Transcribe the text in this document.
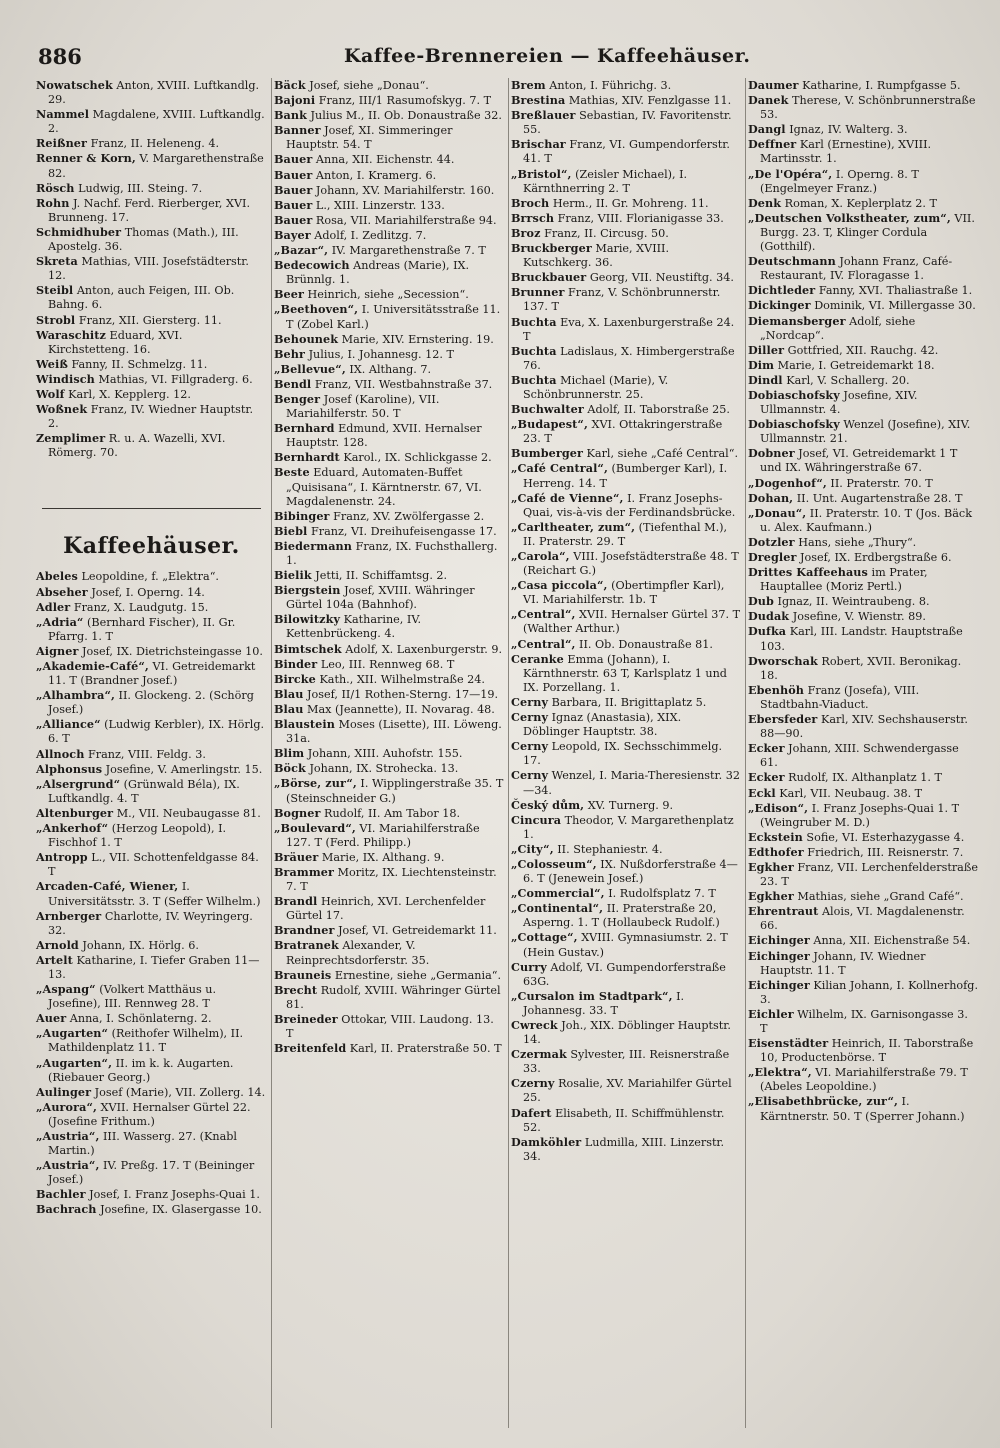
886	Kaffee-Brennereien — Kaffeehäuser.

Nowatschek Anton, XVIII. Luftkandlg. 29.

Nammel Magdalene, XVIII. Luftkandlg. 2.

Reißner Franz, II. Heleneng. 4.

Renner & Korn, V. Margarethenstraße 82.

Rösch Ludwig, III. Steing. 7.

Rohn J. Nachf. Ferd. Rierberger, XVI. Brunneng. 17.

Schmidhuber Thomas (Math.), III. Apostelg. 36.

Skreta Mathias, VIII. Josefstädterstr. 12.

Steibl Anton, auch Feigen, III. Ob. Bahng. 6.

Strobl Franz, XII. Giersterg. 11.

Waraschitz Eduard, XVI. Kirchstetteng. 16.

Weiß Fanny, II. Schmelzg. 11.

Windisch Mathias, VI. Fillgraderg. 6.

Wolf Karl, X. Kepplerg. 12.

Woßnek Franz, IV. Wiedner Hauptstr. 2.

Zemplimer R. u. A. Wazelli, XVI. Römerg. 70.

Kaffeehäuser.

Abeles Leopoldine, f. „Elektra“.

Abseher Josef, I. Operng. 14.

Adler Franz, X. Laudgutg. 15.

„Adria“ (Bernhard Fischer), II. Gr. Pfarrg. 1. T

Aigner Josef, IX. Dietrichsteingasse 10.

„Akademie-Café“, VI. Getreidemarkt 11. T (Brandner Josef.)

„Alhambra“, II. Glockeng. 2. (Schörg Josef.)

„Alliance“ (Ludwig Kerbler), IX. Hörlg. 6. T

Allnoch Franz, VIII. Feldg. 3.

Alphonsus Josefine, V. Amerlingstr. 15.

„Alsergrund“ (Grünwald Béla), IX. Luftkandlg. 4. T

Altenburger M., VII. Neubaugasse 81.

„Ankerhof“ (Herzog Leopold), I. Fischhof 1. T

Antropp L., VII. Schottenfeldgasse 84. T

Arcaden-Café, Wiener, I. Universitätsstr. 3. T (Seffer Wilhelm.)

Arnberger Charlotte, IV. Weyringerg. 32.

Arnold Johann, IX. Hörlg. 6.

Artelt Katharine, I. Tiefer Graben 11—13.

„Aspang“ (Volkert Matthäus u. Josefine), III. Rennweg 28. T

Auer Anna, I. Schönlaterng. 2.

„Augarten“ (Reithofer Wilhelm), II. Mathildenplatz 11. T

„Augarten“, II. im k. k. Augarten. (Riebauer Georg.)

Aulinger Josef (Marie), VII. Zollerg. 14.

„Aurora“, XVII. Hernalser Gürtel 22. (Josefine Frithum.)

„Austria“, III. Wasserg. 27. (Knabl Martin.)

„Austria“, IV. Preßg. 17. T (Beininger Josef.)

Bachler Josef, I. Franz Josephs-Quai 1.

Bachrach Josefine, IX. Glasergasse 10.

Bäck Josef, siehe „Donau“.

Bajoni Franz, III/1 Rasumofskyg. 7. T

Bank Julius M., II. Ob. Donaustraße 32.

Banner Josef, XI. Simmeringer Hauptstr. 54. T

Bauer Anna, XII. Eichenstr. 44.

Bauer Anton, I. Kramerg. 6.

Bauer Johann, XV. Mariahilferstr. 160.

Bauer L., XIII. Linzerstr. 133.

Bauer Rosa, VII. Mariahilferstraße 94.

Bayer Adolf, I. Zedlitzg. 7.

„Bazar“, IV. Margarethenstraße 7. T

Bedecowich Andreas (Marie), IX. Brünnlg. 1.

Beer Heinrich, siehe „Secession“.

„Beethoven“, I. Universitätsstraße 11. T (Zobel Karl.)

Behounek Marie, XIV. Ernstering. 19.

Behr Julius, I. Johannesg. 12. T

„Bellevue“, IX. Althang. 7.

Bendl Franz, VII. Westbahnstraße 37.

Benger Josef (Karoline), VII. Mariahilferstr. 50. T

Bernhard Edmund, XVII. Hernalser Hauptstr. 128.

Bernhardt Karol., IX. Schlickgasse 2.

Beste Eduard, Automaten-Buffet „Quisisana“, I. Kärntnerstr. 67, VI. Magdalenenstr. 24.

Bibinger Franz, XV. Zwölfergasse 2.

Biebl Franz, VI. Dreihufeisengasse 17.

Biedermann Franz, IX. Fuchsthallerg. 1.

Bielik Jetti, II. Schiffamtsg. 2.

Biergstein Josef, XVIII. Währinger Gürtel 104a (Bahnhof).

Bilowitzky Katharine, IV. Kettenbrückeng. 4.

Bimtschek Adolf, X. Laxenburgerstr. 9.

Binder Leo, III. Rennweg 68. T

Bircke Kath., XII. Wilhelmstraße 24.

Blau Josef, II/1 Rothen-Sterng. 17—19.

Blau Max (Jeannette), II. Novarag. 48.

Blaustein Moses (Lisette), III. Löweng. 31a.

Blim Johann, XIII. Auhofstr. 155.

Böck Johann, IX. Strohecka. 13.

„Börse, zur“, I. Wipplingerstraße 35. T (Steinschneider G.)

Bogner Rudolf, II. Am Tabor 18.

„Boulevard“, VI. Mariahilferstraße 127. T (Ferd. Philipp.)

Bräuer Marie, IX. Althang. 9.

Brammer Moritz, IX. Liechtensteinstr. 7. T

Brandl Heinrich, XVI. Lerchenfelder Gürtel 17.

Brandner Josef, VI. Getreidemarkt 11.

Bratranek Alexander, V. Reinprechtsdorferstr. 35.

Brauneis Ernestine, siehe „Germania“.

Brecht Rudolf, XVIII. Währinger Gürtel 81.

Breineder Ottokar, VIII. Laudong. 13. T

Breitenfeld Karl, II. Praterstraße 50. T

Brem Anton, I. Führichg. 3.

Brestina Mathias, XIV. Fenzlgasse 11.

Breßlauer Sebastian, IV. Favoritenstr. 55.

Brischar Franz, VI. Gumpendorferstr. 41. T

„Bristol“, (Zeisler Michael), I. Kärnthnerring 2. T

Broch Herm., II. Gr. Mohreng. 11.

Brrsch Franz, VIII. Florianigasse 33.

Broz Franz, II. Circusg. 50.

Bruckberger Marie, XVIII. Kutschkerg. 36.

Bruckbauer Georg, VII. Neustiftg. 34.

Brunner Franz, V. Schönbrunnerstr. 137. T

Buchta Eva, X. Laxenburgerstraße 24. T

Buchta Ladislaus, X. Himbergerstraße 76.

Buchta Michael (Marie), V. Schönbrunnerstr. 25.

Buchwalter Adolf, II. Taborstraße 25.

„Budapest“, XVI. Ottakringerstraße 23. T

Bumberger Karl, siehe „Café Central“.

„Café Central“, (Bumberger Karl), I. Herreng. 14. T

„Café de Vienne“, I. Franz Josephs-Quai, vis-à-vis der Ferdinandsbrücke.

„Carltheater, zum“, (Tiefenthal M.), II. Praterstr. 29. T

„Carola“, VIII. Josefstädterstraße 48. T (Reichart G.)

„Casa piccola“, (Obertimpfler Karl), VI. Mariahilferstr. 1b. T

„Central“, XVII. Hernalser Gürtel 37. T (Walther Arthur.)

„Central“, II. Ob. Donaustraße 81.

Ceranke Emma (Johann), I. Kärnthnerstr. 63 T, Karlsplatz 1 und IX. Porzellang. 1.

Cerny Barbara, II. Brigittaplatz 5.

Cerny Ignaz (Anastasia), XIX. Döblinger Hauptstr. 38.

Cerny Leopold, IX. Sechsschimmelg. 17.

Cerny Wenzel, I. Maria-Theresienstr. 32—34.

Český dům, XV. Turnerg. 9.

Cincura Theodor, V. Margarethenplatz 1.

„City“, II. Stephaniestr. 4.

„Colosseum“, IX. Nußdorferstraße 4—6. T (Jenewein Josef.)

„Commercial“, I. Rudolfsplatz 7. T

„Continental“, II. Praterstraße 20, Asperng. 1. T (Hollaubeck Rudolf.)

„Cottage“, XVIII. Gymnasiumstr. 2. T (Hein Gustav.)

Curry Adolf, VI. Gumpendorferstraße 63G.

„Cursalon im Stadtpark“, I. Johannesg. 33. T

Cwreck Joh., XIX. Döblinger Hauptstr. 14.

Czermak Sylvester, III. Reisnerstraße 33.

Czerny Rosalie, XV. Mariahilfer Gürtel 25.

Dafert Elisabeth, II. Schiffmühlenstr. 52.

Damköhler Ludmilla, XIII. Linzerstr. 34.

Daumer Katharine, I. Rumpfgasse 5.

Danek Therese, V. Schönbrunnerstraße 53.

Dangl Ignaz, IV. Walterg. 3.

Deffner Karl (Ernestine), XVIII. Martinsstr. 1.

„De l'Opéra“, I. Operng. 8. T (Engelmeyer Franz.)

Denk Roman, X. Keplerplatz 2. T

„Deutschen Volkstheater, zum“, VII. Burgg. 23. T, Klinger Cordula (Gotthilf).

Deutschmann Johann Franz, Café-Restaurant, IV. Floragasse 1.

Dichtleder Fanny, XVI. Thaliastraße 1.

Dickinger Dominik, VI. Millergasse 30.

Diemansberger Adolf, siehe „Nordcap“.

Diller Gottfried, XII. Rauchg. 42.

Dim Marie, I. Getreidemarkt 18.

Dindl Karl, V. Schallerg. 20.

Dobiaschofsky Josefine, XIV. Ullmannstr. 4.

Dobiaschofsky Wenzel (Josefine), XIV. Ullmannstr. 21.

Dobner Josef, VI. Getreidemarkt 1 T und IX. Währingerstraße 67.

„Dogenhof“, II. Praterstr. 70. T

Dohan, II. Unt. Augartenstraße 28. T

„Donau“, II. Praterstr. 10. T (Jos. Bäck u. Alex. Kaufmann.)

Dotzler Hans, siehe „Thury“.

Dregler Josef, IX. Erdbergstraße 6.

Drittes Kaffeehaus im Prater, Hauptallee (Moriz Pertl.)

Dub Ignaz, II. Weintraubeng. 8.

Dudak Josefine, V. Wienstr. 89.

Dufka Karl, III. Landstr. Hauptstraße 103.

Dworschak Robert, XVII. Beronikag. 18.

Ebenhöh Franz (Josefa), VIII. Stadtbahn-Viaduct.

Ebersfeder Karl, XIV. Sechshauserstr. 88—90.

Ecker Johann, XIII. Schwendergasse 61.

Ecker Rudolf, IX. Althanplatz 1. T

Eckl Karl, VII. Neubaug. 38. T

„Edison“, I. Franz Josephs-Quai 1. T (Weingruber M. D.)

Eckstein Sofie, VI. Esterhazygasse 4.

Edthofer Friedrich, III. Reisnerstr. 7.

Egkher Franz, VII. Lerchenfelderstraße 23. T

Egkher Mathias, siehe „Grand Café“.

Ehrentraut Alois, VI. Magdalenenstr. 66.

Eichinger Anna, XII. Eichenstraße 54.

Eichinger Johann, IV. Wiedner Hauptstr. 11. T

Eichinger Kilian Johann, I. Kollnerhofg. 3.

Eichler Wilhelm, IX. Garnisongasse 3. T

Eisenstädter Heinrich, II. Taborstraße 10, Productenbörse. T

„Elektra“, VI. Mariahilferstraße 79. T (Abeles Leopoldine.)

„Elisabethbrücke, zur“, I. Kärntnerstr. 50. T (Sperrer Johann.)
